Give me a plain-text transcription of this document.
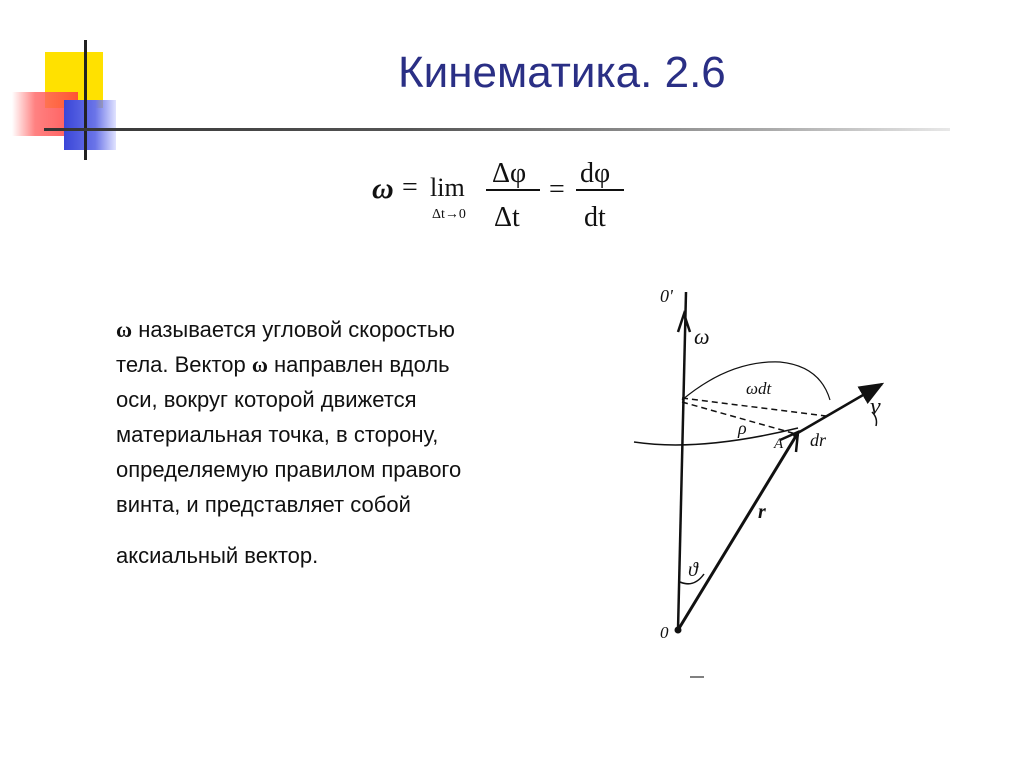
Кинематика. 2.6
ω = lim
Δt→0
Δφ
Δt
=
dφ
dt
ω называется угловой скоростью
тела. Вектор ω направлен вдоль
оси, вокруг которой движется
материальная точка, в сторону,
определяемую правилом правого
винта, и представляет собой
аксиальный вектор.
0'
ω
ωdt
v
ρ
A dr
r
ϑ
0
